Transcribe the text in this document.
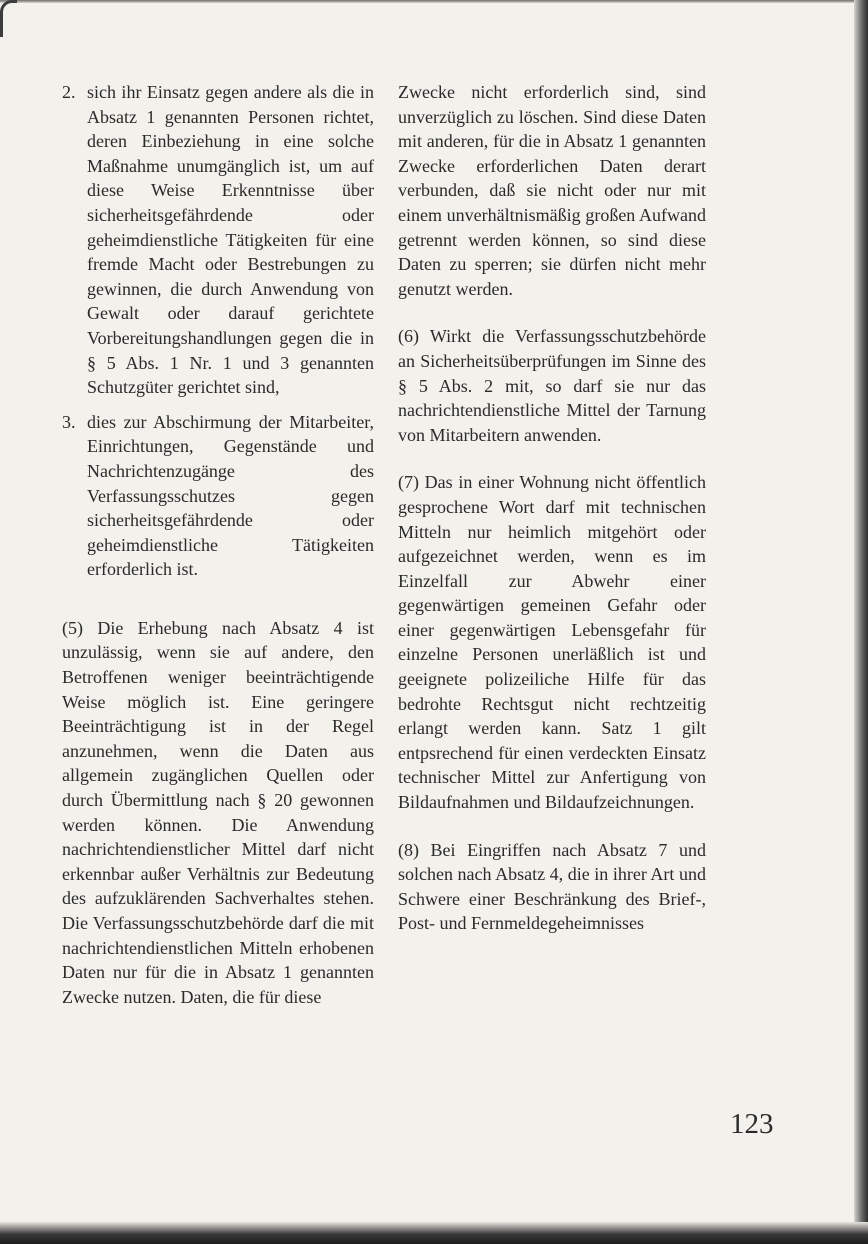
2. sich ihr Einsatz gegen andere als die in Absatz 1 genannten Personen richtet, deren Einbeziehung in eine solche Maßnahme unumgänglich ist, um auf diese Weise Erkenntnisse über sicherheitsgefährdende oder geheimdienstliche Tätigkeiten für eine fremde Macht oder Bestrebungen zu gewinnen, die durch Anwendung von Gewalt oder darauf gerichtete Vorbereitungshandlungen gegen die in § 5 Abs. 1 Nr. 1 und 3 genannten Schutzgüter gerichtet sind,
3. dies zur Abschirmung der Mitarbeiter, Einrichtungen, Gegenstände und Nachrichtenzugänge des Verfassungsschutzes gegen sicherheitsgefährdende oder geheimdienstliche Tätigkeiten erforderlich ist.

(5) Die Erhebung nach Absatz 4 ist unzulässig, wenn sie auf andere, den Betroffenen weniger beeinträchtigende Weise möglich ist. Eine geringere Beeinträchtigung ist in der Regel anzunehmen, wenn die Daten aus allgemein zugänglichen Quellen oder durch Übermittlung nach § 20 gewonnen werden können. Die Anwendung nachrichtendienstlicher Mittel darf nicht erkennbar außer Verhältnis zur Bedeutung des aufzuklärenden Sachverhaltes stehen. Die Verfassungsschutzbehörde darf die mit nachrichtendienstlichen Mitteln erhobenen Daten nur für die in Absatz 1 genannten Zwecke nutzen. Daten, die für diese

Zwecke nicht erforderlich sind, sind unverzüglich zu löschen. Sind diese Daten mit anderen, für die in Absatz 1 genannten Zwecke erforderlichen Daten derart verbunden, daß sie nicht oder nur mit einem unverhältnismäßig großen Aufwand getrennt werden können, so sind diese Daten zu sperren; sie dürfen nicht mehr genutzt werden.

(6) Wirkt die Verfassungsschutzbehörde an Sicherheitsüberprüfungen im Sinne des § 5 Abs. 2 mit, so darf sie nur das nachrichtendienstliche Mittel der Tarnung von Mitarbeitern anwenden.

(7) Das in einer Wohnung nicht öffentlich gesprochene Wort darf mit technischen Mitteln nur heimlich mitgehört oder aufgezeichnet werden, wenn es im Einzelfall zur Abwehr einer gegenwärtigen gemeinen Gefahr oder einer gegenwärtigen Lebensgefahr für einzelne Personen unerläßlich ist und geeignete polizeiliche Hilfe für das bedrohte Rechtsgut nicht rechtzeitig erlangt werden kann. Satz 1 gilt entpsrechend für einen verdeckten Einsatz technischer Mittel zur Anfertigung von Bildaufnahmen und Bildaufzeichnungen.

(8) Bei Eingriffen nach Absatz 7 und solchen nach Absatz 4, die in ihrer Art und Schwere einer Beschränkung des Brief-, Post- und Fernmeldegeheimnisses

123
